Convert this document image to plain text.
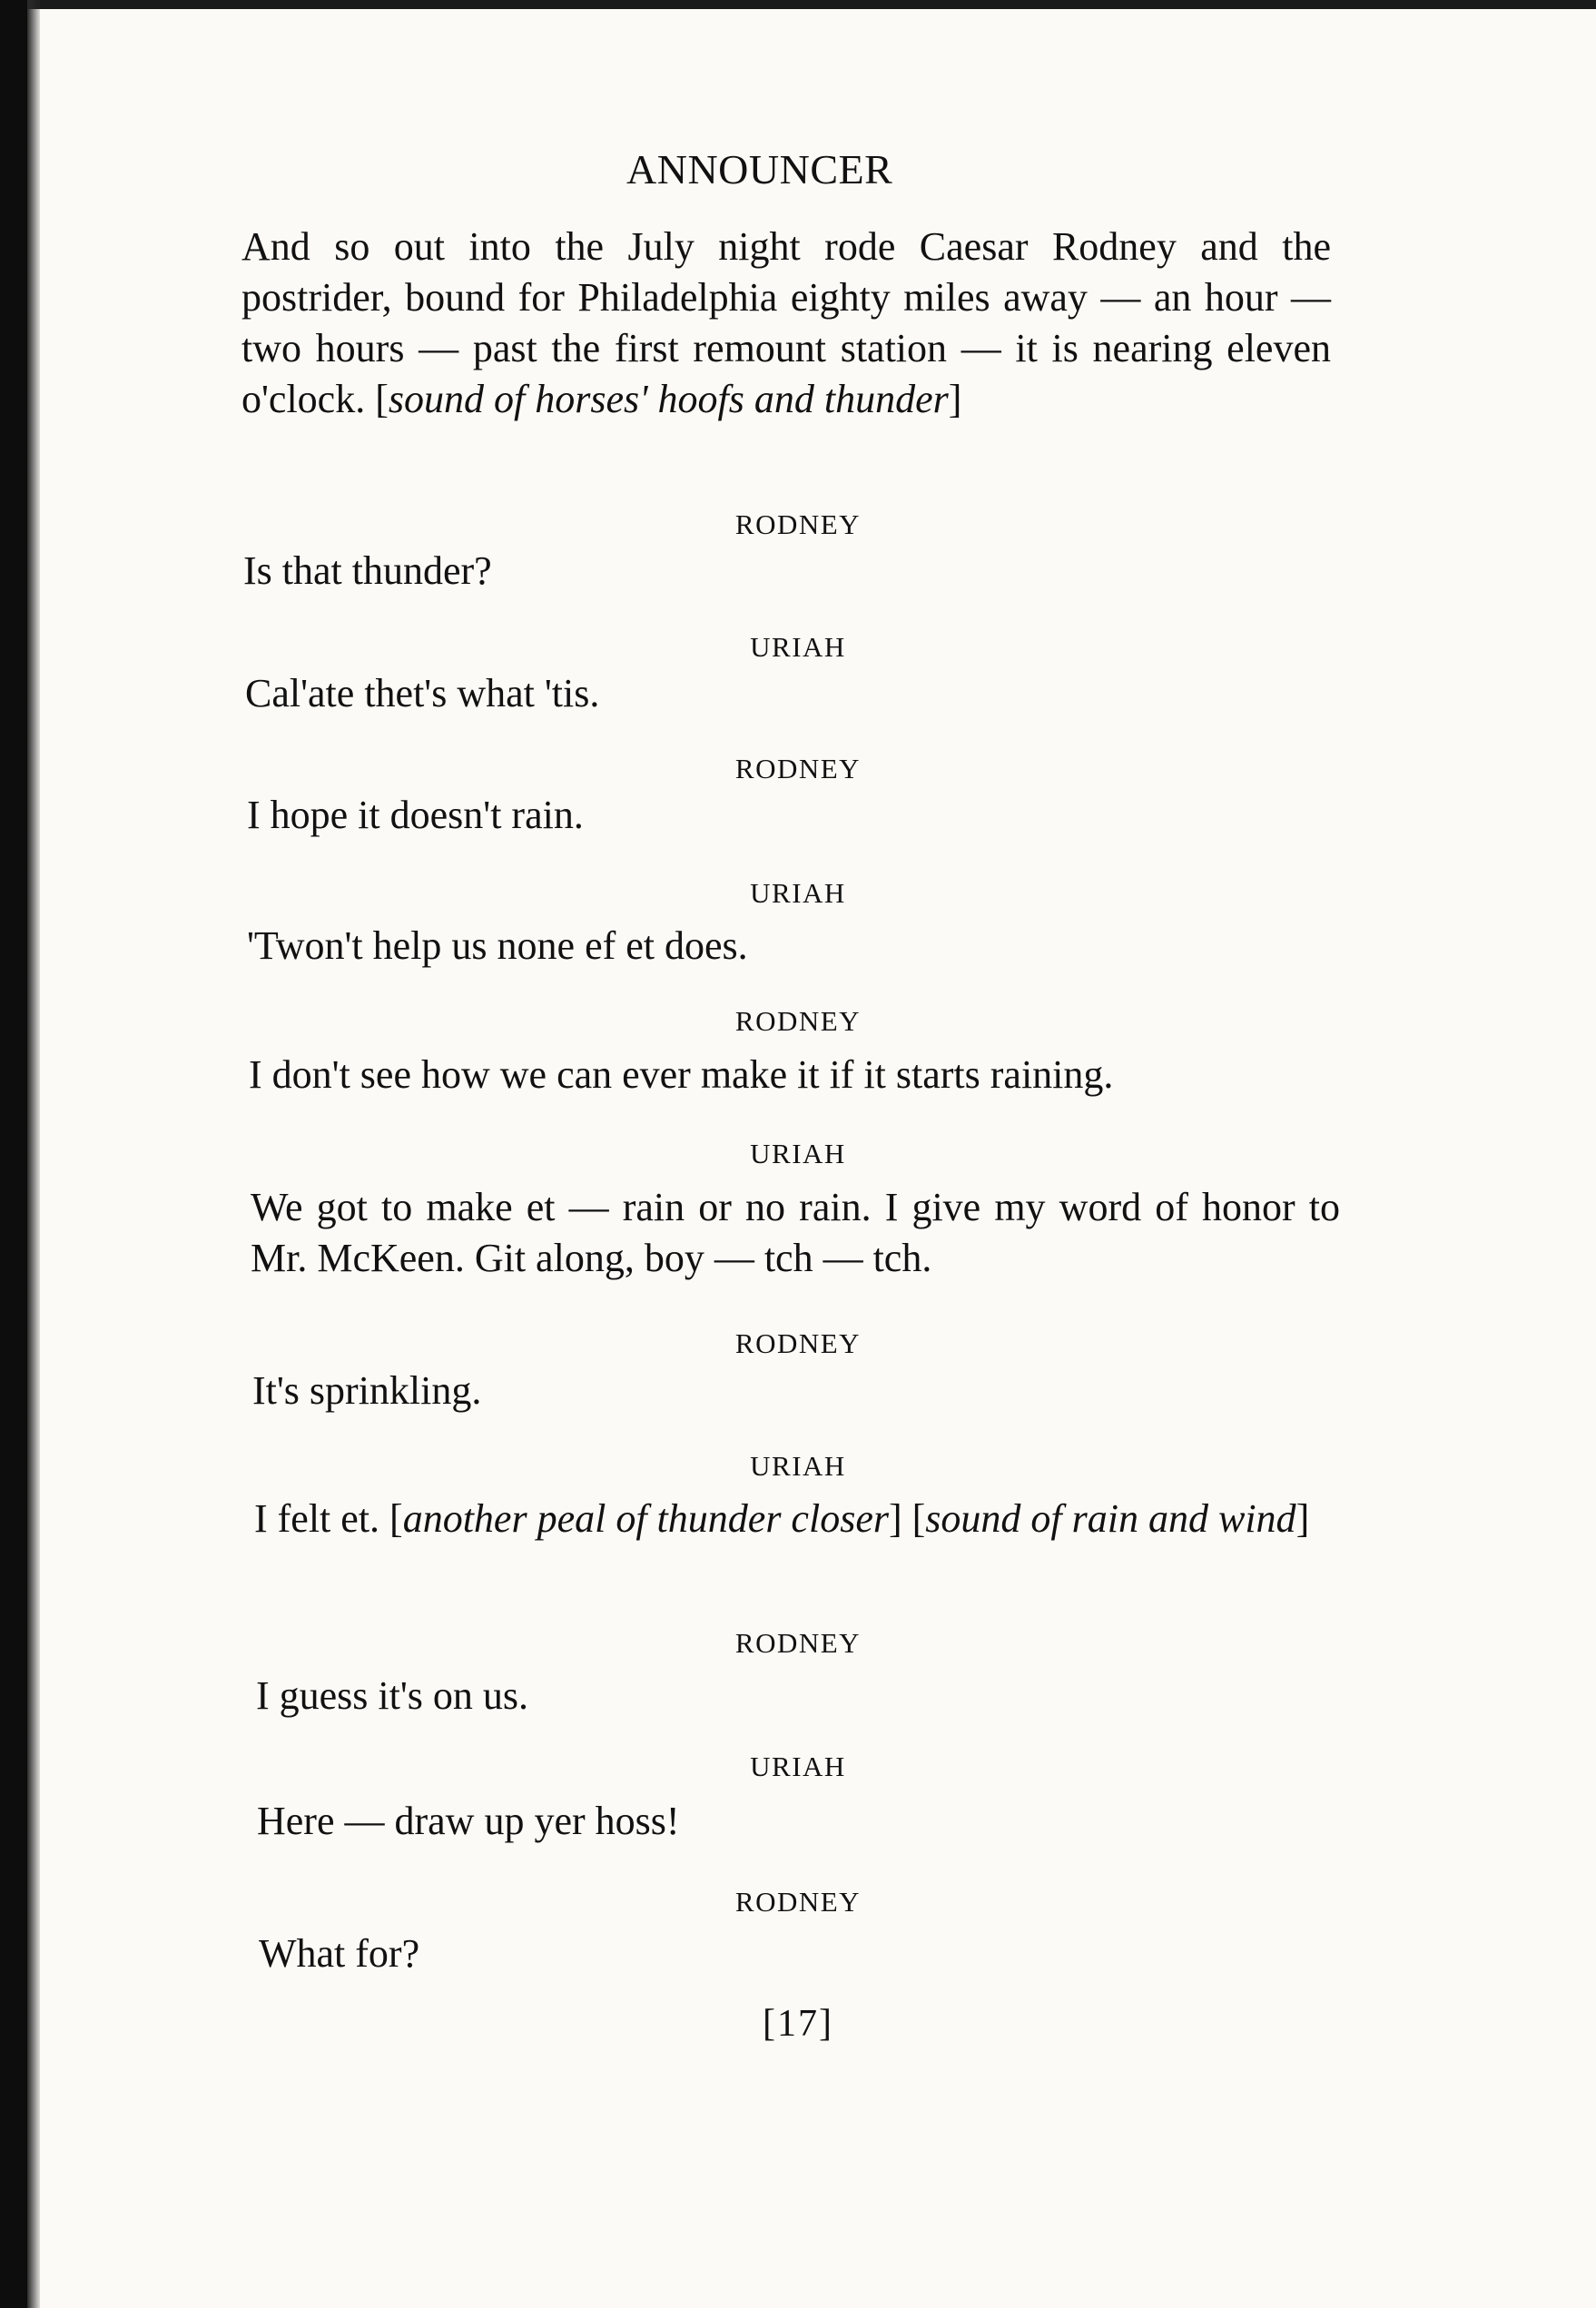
ANNOUNCER

And so out into the July night rode Caesar Rodney and the postrider, bound for Philadelphia eighty miles away — an hour — two hours — past the first remount station — it is nearing eleven o'clock. [sound of horses' hoofs and thunder]

RODNEY
Is that thunder?
URIAH
Cal'ate thet's what 'tis.
RODNEY
I hope it doesn't rain.
URIAH
'Twon't help us none ef et does.
RODNEY
I don't see how we can ever make it if it starts raining.
URIAH

We got to make et — rain or no rain. I give my word of honor to Mr. McKeen. Git along, boy — tch — tch.

RODNEY
It's sprinkling.
URIAH

I felt et. [another peal of thunder closer] [sound of rain and wind]

RODNEY
I guess it's on us.
URIAH
Here — draw up yer hoss!
RODNEY
What for?
[17]
